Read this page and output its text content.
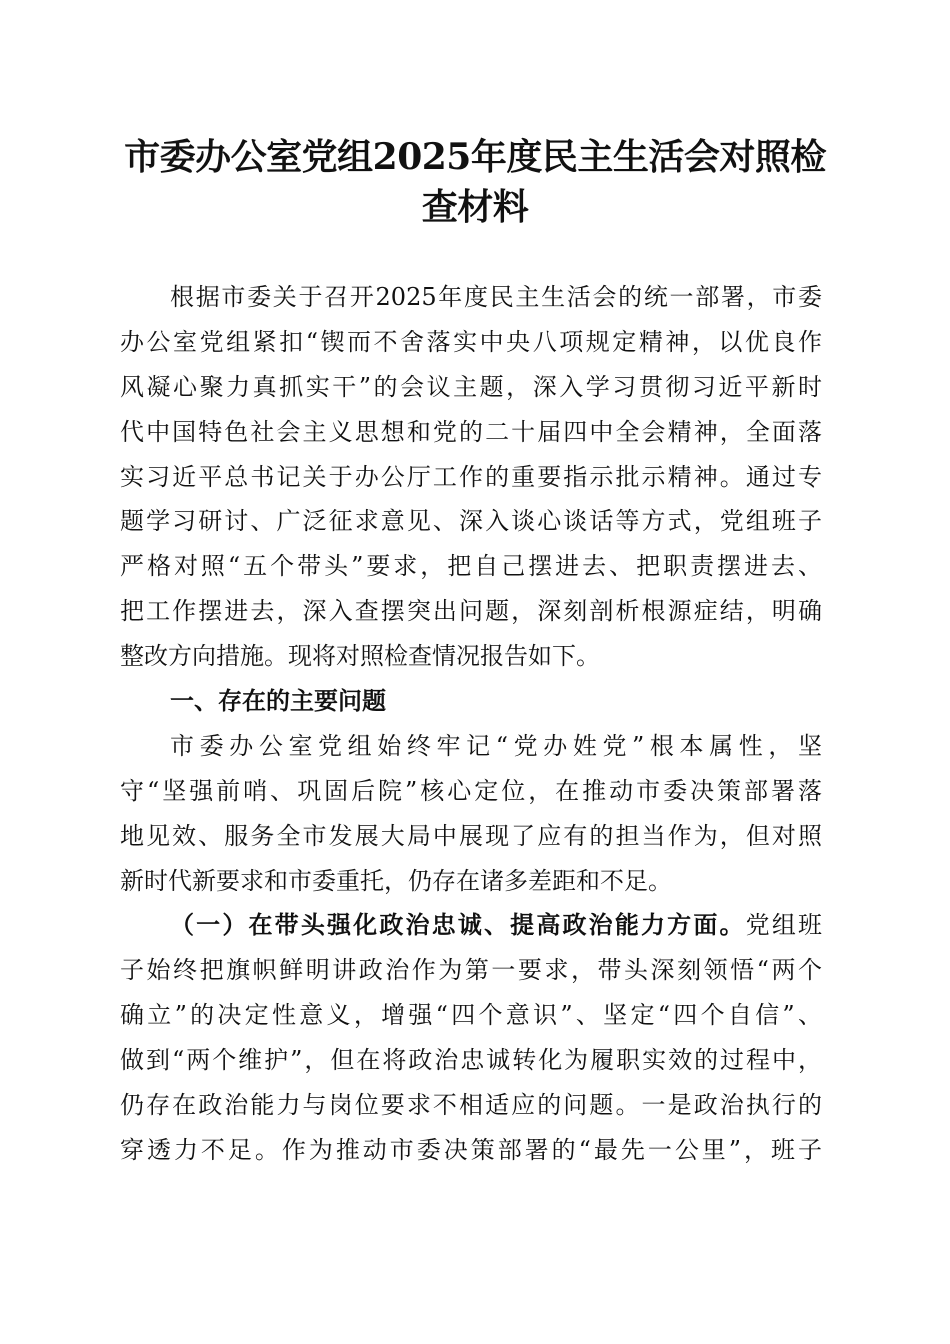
市委办公室党组2025年度民主生活会对照检
查材料
根据市委关于召开2025年度民主生活会的统一部署，市委
办公室党组紧扣“锲而不舍落实中央八项规定精神，以优良作
风凝心聚力真抓实干”的会议主题，深入学习贯彻习近平新时
代中国特色社会主义思想和党的二十届四中全会精神，全面落
实习近平总书记关于办公厅工作的重要指示批示精神。通过专
题学习研讨、广泛征求意见、深入谈心谈话等方式，党组班子
严格对照“五个带头”要求，把自己摆进去、把职责摆进去、
把工作摆进去，深入查摆突出问题，深刻剖析根源症结，明确
整改方向措施。现将对照检查情况报告如下。
一、存在的主要问题
市委办公室党组始终牢记“党办姓党”根本属性，坚
守“坚强前哨、巩固后院”核心定位，在推动市委决策部署落
地见效、服务全市发展大局中展现了应有的担当作为，但对照
新时代新要求和市委重托，仍存在诸多差距和不足。
（一）在带头强化政治忠诚、提高政治能力方面。党组班
子始终把旗帜鲜明讲政治作为第一要求，带头深刻领悟“两个
确立”的决定性意义，增强“四个意识”、坚定“四个自信”、
做到“两个维护”，但在将政治忠诚转化为履职实效的过程中，
仍存在政治能力与岗位要求不相适应的问题。一是政治执行的
穿透力不足。作为推动市委决策部署的“最先一公里”，班子
